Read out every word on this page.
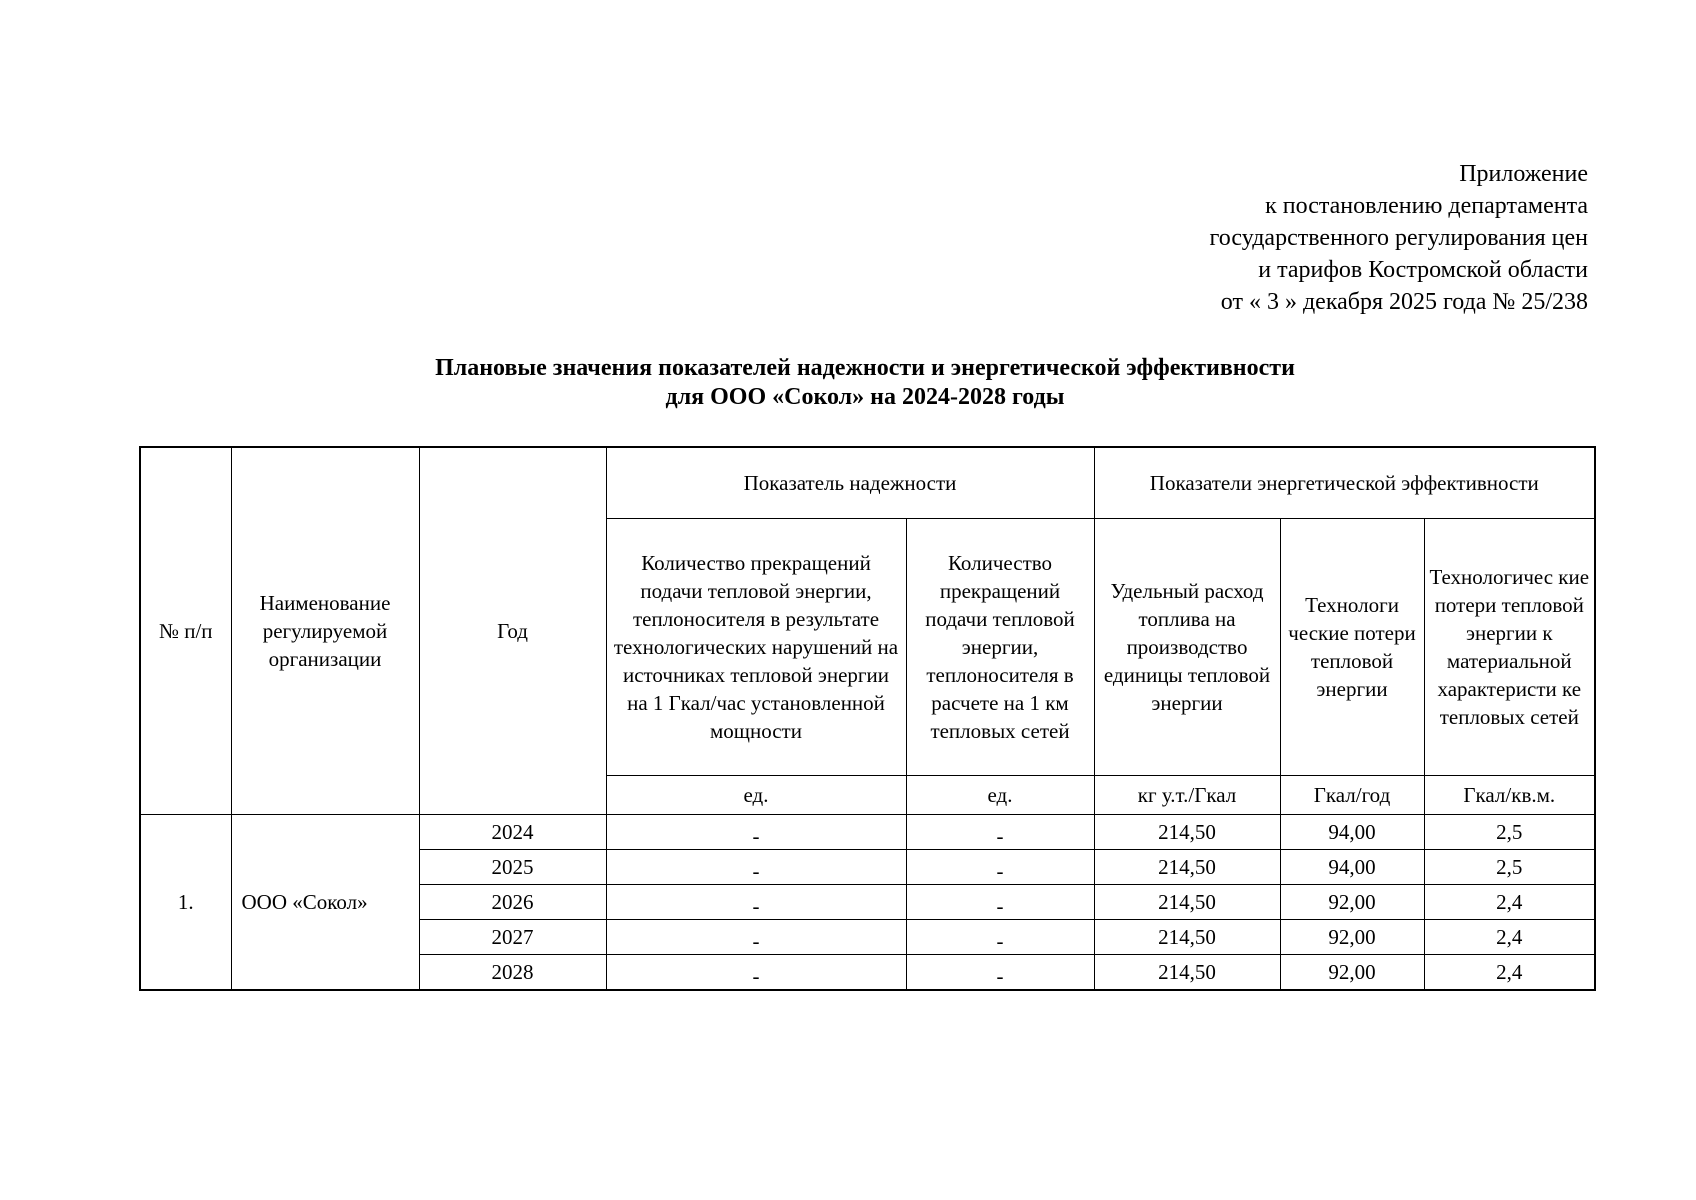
Приложение
к постановлению департамента
государственного регулирования цен
и тарифов Костромской области
от « 3 » декабря 2025 года № 25/238
Плановые значения показателей надежности и энергетической эффективности
для ООО «Сокол» на 2024-2028 годы
№ п/п	Наименование регулируемой организации	Год	Показатель надежности		Показатели энергетической эффективности		
			Количество прекращений подачи тепловой энергии, теплоносителя в результате технологических нарушений на источниках тепловой энергии на 1 Гкал/час установленной мощности	Количество прекращений подачи тепловой энергии, теплоносителя в расчете на 1 км тепловых сетей	Удельный расход топлива на производство единицы тепловой энергии	Технологи ческие потери тепловой энергии	Технологичес кие потери тепловой энергии к материальной характеристи ке тепловых сетей
			ед.	ед.	кг у.т./Гкал	Гкал/год	Гкал/кв.м.
1.	ООО «Сокол»	2024	-	-	214,50	94,00	2,5
		2025	-	-	214,50	94,00	2,5
		2026	-	-	214,50	92,00	2,4
		2027	-	-	214,50	92,00	2,4
		2028	-	-	214,50	92,00	2,4
